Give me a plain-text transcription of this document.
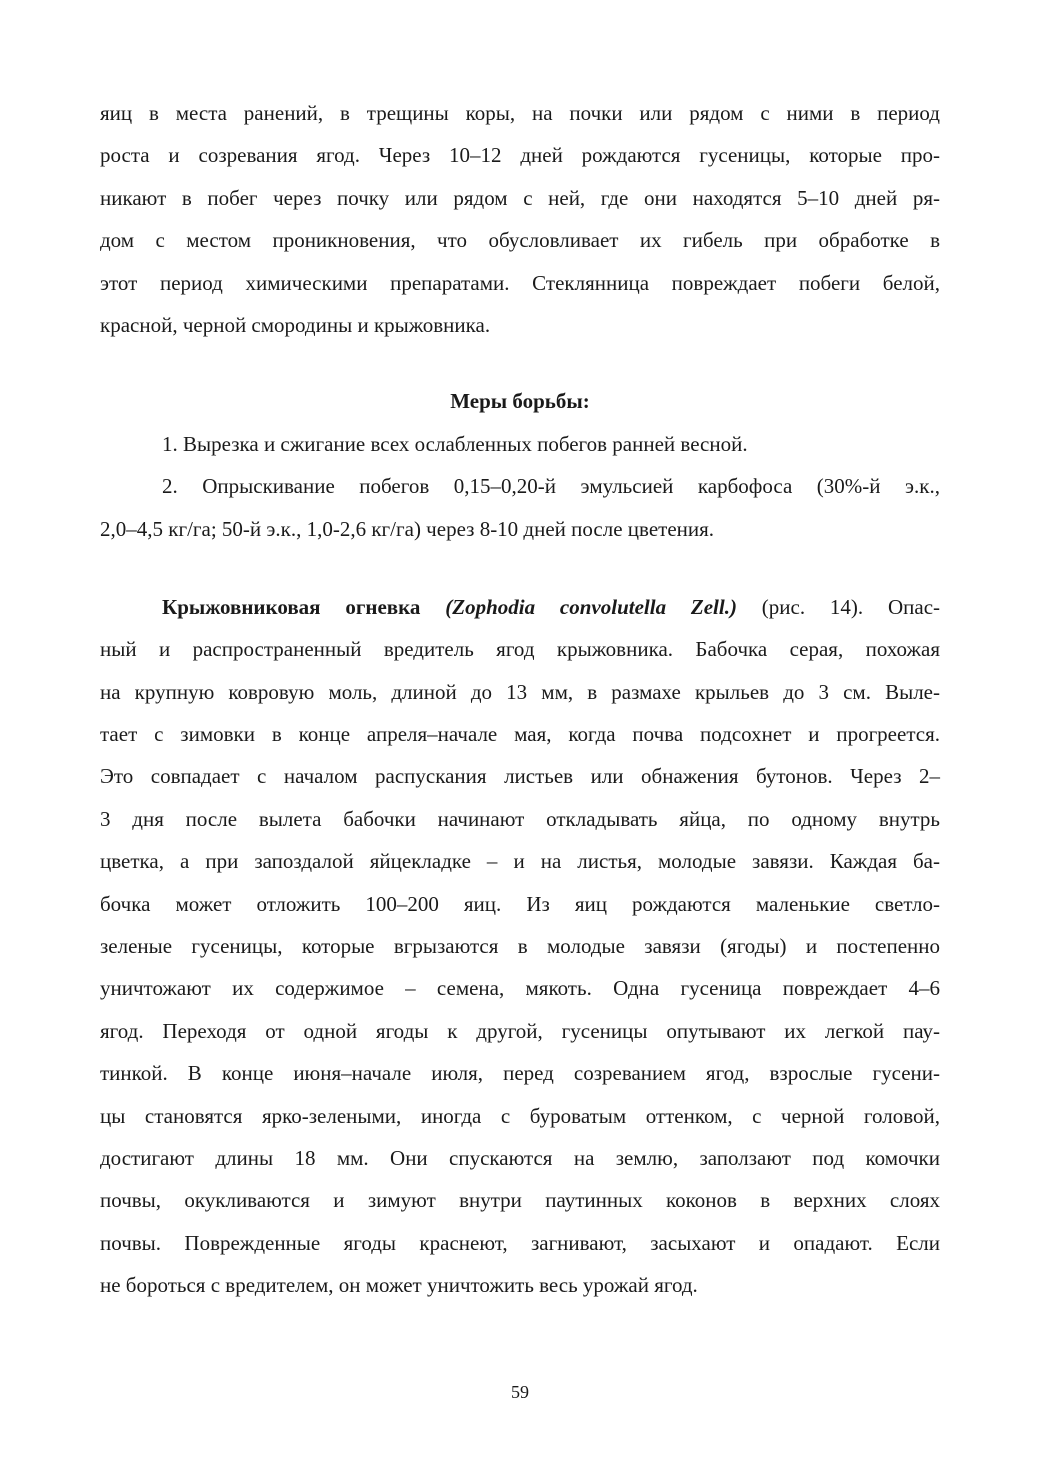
яиц в места ранений, в трещины коры, на почки или рядом с ними в период
роста и созревания ягод. Через 10–12 дней рождаются гусеницы, которые про-
никают в побег через почку или рядом с ней, где они находятся 5–10 дней ря-
дом с местом проникновения, что обусловливает их гибель при обработке в
этот период химическими препаратами. Стеклянница повреждает побеги белой,
красной, черной смородины и крыжовника.
Меры борьбы:
1. Вырезка и сжигание всех ослабленных побегов ранней весной.
2. Опрыскивание побегов 0,15–0,20-й эмульсией карбофоса (30%-й э.к.,
2,0–4,5 кг/га; 50-й э.к., 1,0-2,6 кг/га) через 8-10 дней после цветения.
Крыжовниковая огневка (Zophodia convolutella Zell.) (рис. 14). Опас-
ный и распространенный вредитель ягод крыжовника. Бабочка серая, похожая
на крупную ковровую моль, длиной до 13 мм, в размахе крыльев до 3 см. Выле-
тает с зимовки в конце апреля–начале мая, когда почва подсохнет и прогреется.
Это совпадает с началом распускания листьев или обнажения бутонов. Через 2–
3 дня после вылета бабочки начинают откладывать яйца, по одному внутрь
цветка, а при запоздалой яйцекладке – и на листья, молодые завязи. Каждая ба-
бочка может отложить 100–200 яиц. Из яиц рождаются маленькие светло-
зеленые гусеницы, которые вгрызаются в молодые завязи (ягоды) и постепенно
уничтожают их содержимое – семена, мякоть. Одна гусеница повреждает 4–6
ягод. Переходя от одной ягоды к другой, гусеницы опутывают их легкой пау-
тинкой. В конце июня–начале июля, перед созреванием ягод, взрослые гусени-
цы становятся ярко-зелеными, иногда с буроватым оттенком, с черной головой,
достигают длины 18 мм. Они спускаются на землю, заползают под комочки
почвы, окукливаются и зимуют внутри паутинных коконов в верхних слоях
почвы. Поврежденные ягоды краснеют, загнивают, засыхают и опадают. Если
не бороться с вредителем, он может уничтожить весь урожай ягод.
59
